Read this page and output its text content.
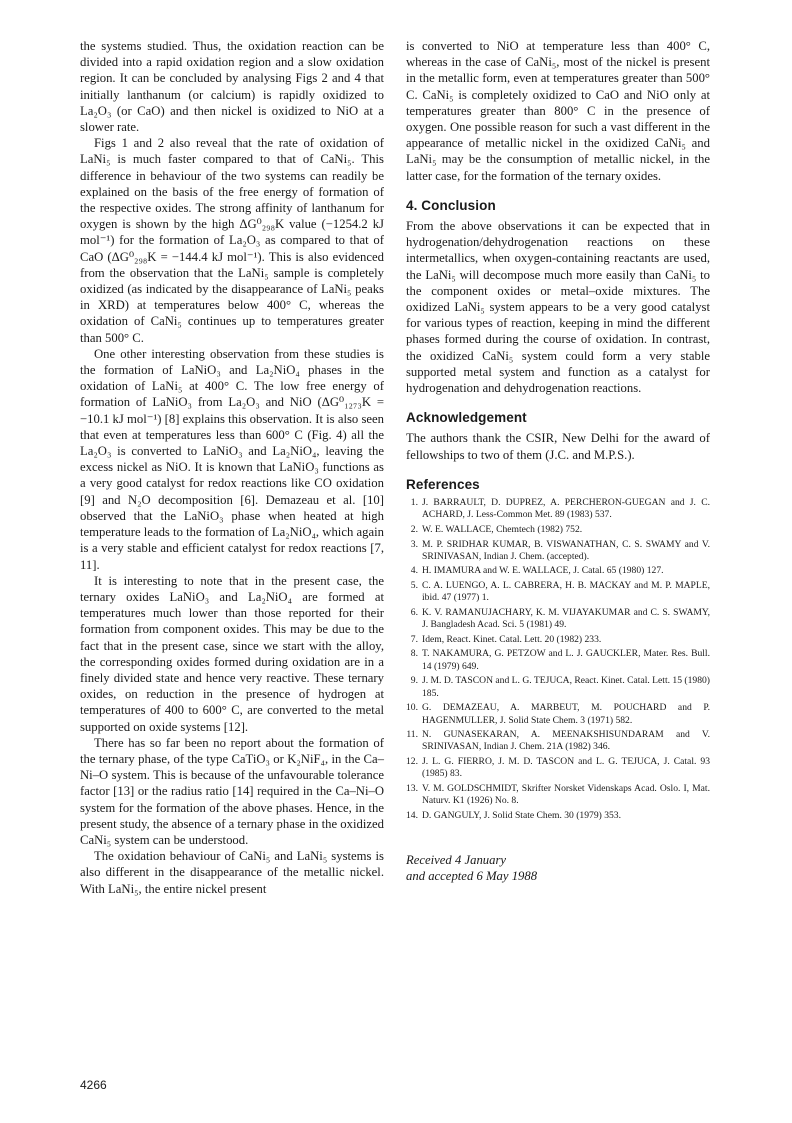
the systems studied. Thus, the oxidation reaction can be divided into a rapid oxidation region and a slow oxidation region. It can be concluded by analysing Figs 2 and 4 that initially lanthanum (or calcium) is rapidly oxidized to La₂O₃ (or CaO) and then nickel is oxidized to NiO at a slower rate.

Figs 1 and 2 also reveal that the rate of oxidation of LaNi₅ is much faster compared to that of CaNi₅. This difference in behaviour of the two systems can readily be explained on the basis of the free energy of formation of the respective oxides. The strong affinity of lanthanum for oxygen is shown by the high ΔG⁰₂₉₈K value (−1254.2 kJ mol⁻¹) for the formation of La₂O₃ as compared to that of CaO (ΔG⁰₂₉₈K = −144.4 kJ mol⁻¹). This is also evidenced from the observation that the LaNi₅ sample is completely oxidized (as indicated by the disappearance of LaNi₅ peaks in XRD) at temperatures below 400° C, whereas the oxidation of CaNi₅ continues up to temperatures greater than 500° C.

One other interesting observation from these studies is the formation of LaNiO₃ and La₂NiO₄ phases in the oxidation of LaNi₅ at 400° C. The low free energy of formation of LaNiO₃ from La₂O₃ and NiO (ΔG⁰₁₂₇₃K = −10.1 kJ mol⁻¹) [8] explains this observation. It is also seen that even at temperatures less than 600° C (Fig. 4) all the La₂O₃ is converted to LaNiO₃ and La₂NiO₄, leaving the excess nickel as NiO. It is known that LaNiO₃ functions as a very good catalyst for redox reactions like CO oxidation [9] and N₂O decomposition [6]. Demazeau et al. [10] observed that the LaNiO₃ phase when heated at high temperature leads to the formation of La₂NiO₄, which again is a very stable and efficient catalyst for redox reactions [7, 11].

It is interesting to note that in the present case, the ternary oxides LaNiO₃ and La₂NiO₄ are formed at temperatures much lower than those reported for their formation from component oxides. This may be due to the fact that in the present case, since we start with the alloy, the corresponding oxides formed during oxidation are in a finely divided state and hence very reactive. These ternary oxides, on reduction in the presence of hydrogen at temperatures of 400 to 600° C, are converted to the metal supported on oxide systems [12].

There has so far been no report about the formation of the ternary phase, of the type CaTiO₃ or K₂NiF₄, in the Ca–Ni–O system. This is because of the unfavourable tolerance factor [13] or the radius ratio [14] required in the Ca–Ni–O system for the formation of the above phases. Hence, in the present study, the absence of a ternary phase in the oxidized CaNi₅ system can be understood.

The oxidation behaviour of CaNi₅ and LaNi₅ systems is also different in the disappearance of the metallic nickel. With LaNi₅, the entire nickel present

is converted to NiO at temperature less than 400° C, whereas in the case of CaNi₅, most of the nickel is present in the metallic form, even at temperatures greater than 500° C. CaNi₅ is completely oxidized to CaO and NiO only at temperatures greater than 800° C in the presence of oxygen. One possible reason for such a vast different in the appearance of metallic nickel in the oxidized CaNi₅ and LaNi₅ may be the consumption of metallic nickel, in the latter case, for the formation of the ternary oxides.

4. Conclusion

From the above observations it can be expected that in hydrogenation/dehydrogenation reactions on these intermetallics, when oxygen-containing reactants are used, the LaNi₅ will decompose much more easily than CaNi₅ to the component oxides or metal–oxide mixtures. The oxidized LaNi₅ system appears to be a very good catalyst for various types of reaction, keeping in mind the different phases formed during the course of oxidation. In contrast, the oxidized CaNi₅ system could form a very stable supported metal system and function as a catalyst for hydrogenation and dehydrogenation reactions.

Acknowledgement

The authors thank the CSIR, New Delhi for the award of fellowships to two of them (J.C. and M.P.S.).

References
1. J. BARRAULT, D. DUPREZ, A. PERCHERON-GUEGAN and J. C. ACHARD, J. Less-Common Met. 89 (1983) 537.
2. W. E. WALLACE, Chemtech (1982) 752.
3. M. P. SRIDHAR KUMAR, B. VISWANATHAN, C. S. SWAMY and V. SRINIVASAN, Indian J. Chem. (accepted).
4. H. IMAMURA and W. E. WALLACE, J. Catal. 65 (1980) 127.
5. C. A. LUENGO, A. L. CABRERA, H. B. MACKAY and M. P. MAPLE, ibid. 47 (1977) 1.
6. K. V. RAMANUJACHARY, K. M. VIJAYAKUMAR and C. S. SWAMY, J. Bangladesh Acad. Sci. 5 (1981) 49.
7. Idem, React. Kinet. Catal. Lett. 20 (1982) 233.
8. T. NAKAMURA, G. PETZOW and L. J. GAUCKLER, Mater. Res. Bull. 14 (1979) 649.
9. J. M. D. TASCON and L. G. TEJUCA, React. Kinet. Catal. Lett. 15 (1980) 185.
10. G. DEMAZEAU, A. MARBEUT, M. POUCHARD and P. HAGENMULLER, J. Solid State Chem. 3 (1971) 582.
11. N. GUNASEKARAN, A. MEENAKSHISUNDARAM and V. SRINIVASAN, Indian J. Chem. 21A (1982) 346.
12. J. L. G. FIERRO, J. M. D. TASCON and L. G. TEJUCA, J. Catal. 93 (1985) 83.
13. V. M. GOLDSCHMIDT, Skrifter Norsket Videnskaps Acad. Oslo. I, Mat. Naturv. K1 (1926) No. 8.
14. D. GANGULY, J. Solid State Chem. 30 (1979) 353.
Received 4 January
and accepted 6 May 1988
4266
